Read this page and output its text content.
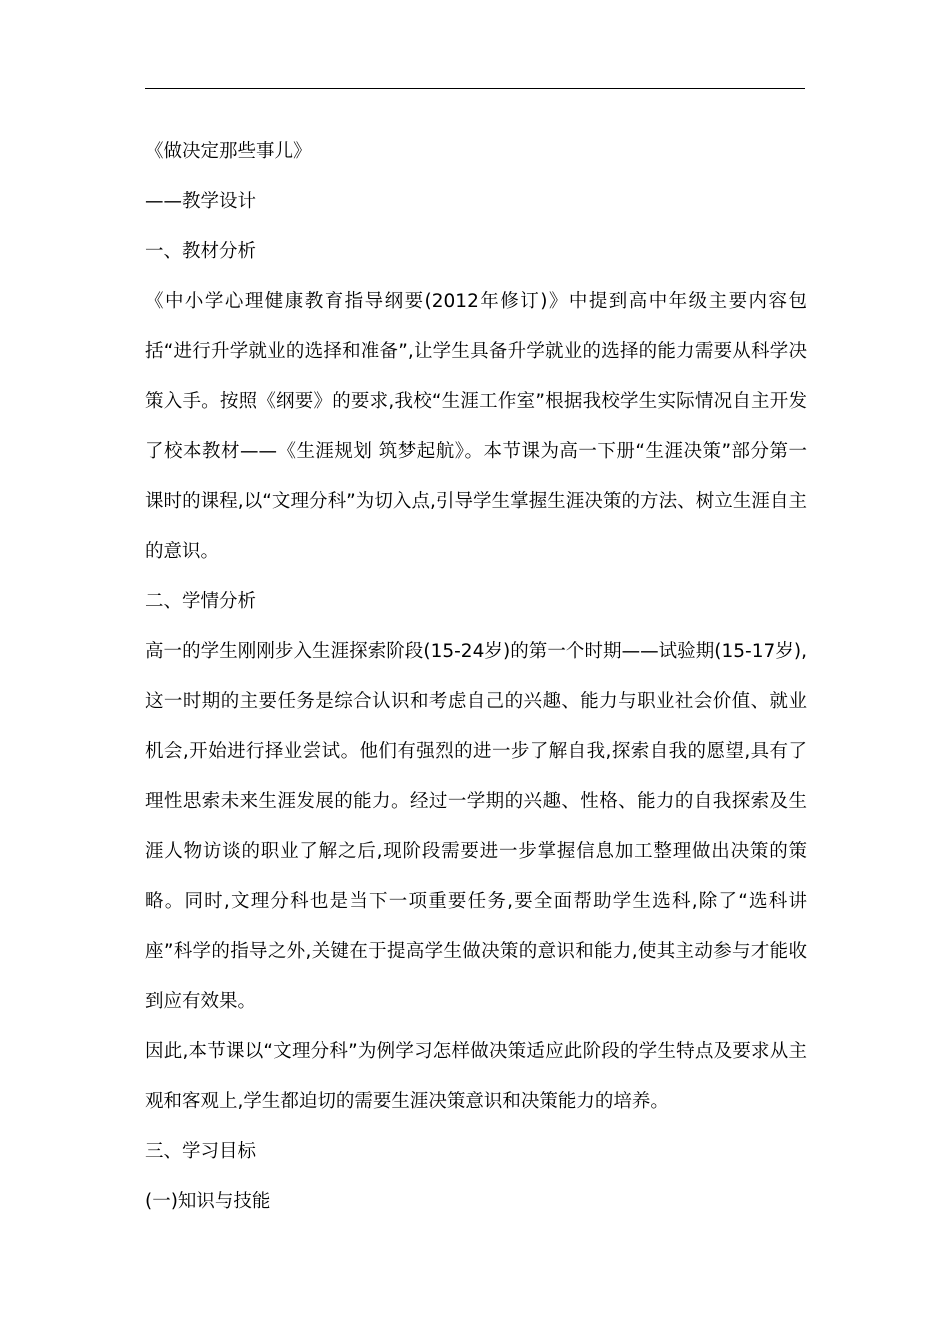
《做决定那些事儿》

——教学设计

一、教材分析

《中小学心理健康教育指导纲要(2012年修订)》中提到高中年级主要内容包括“进行升学就业的选择和准备”,让学生具备升学就业的选择的能力需要从科学决策入手。按照《纲要》的要求,我校“生涯工作室”根据我校学生实际情况自主开发了校本教材——《生涯规划 筑梦起航》。本节课为高一下册“生涯决策”部分第一课时的课程,以“文理分科”为切入点,引导学生掌握生涯决策的方法、树立生涯自主的意识。

二、学情分析

高一的学生刚刚步入生涯探索阶段(15-24岁)的第一个时期——试验期(15-17岁),这一时期的主要任务是综合认识和考虑自己的兴趣、能力与职业社会价值、就业机会,开始进行择业尝试。他们有强烈的进一步了解自我,探索自我的愿望,具有了理性思索未来生涯发展的能力。经过一学期的兴趣、性格、能力的自我探索及生涯人物访谈的职业了解之后,现阶段需要进一步掌握信息加工整理做出决策的策略。同时,文理分科也是当下一项重要任务,要全面帮助学生选科,除了“选科讲座”科学的指导之外,关键在于提高学生做决策的意识和能力,使其主动参与才能收到应有效果。

因此,本节课以“文理分科”为例学习怎样做决策适应此阶段的学生特点及要求从主观和客观上,学生都迫切的需要生涯决策意识和决策能力的培养。

三、学习目标

(一)知识与技能
